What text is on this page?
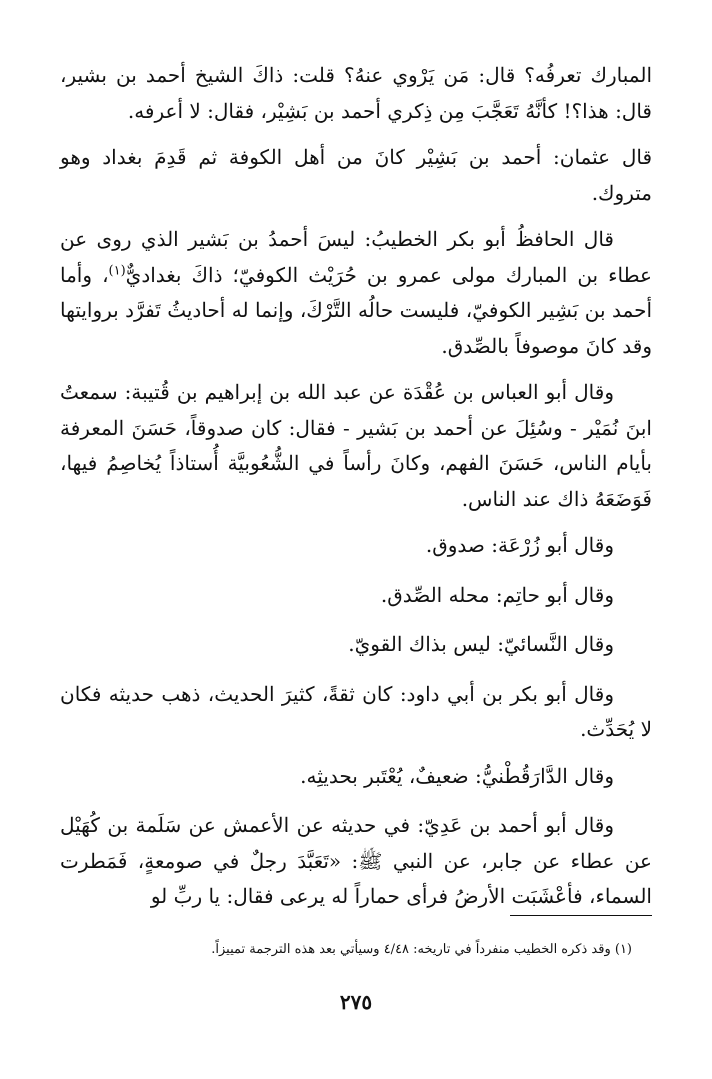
المبارك تعرفُه؟ قال: مَن يَرْوي عنهُ؟ قلت: ذاكَ الشيخ أحمد بن بشير، قال: هذا؟! كأنَّهُ تَعَجَّبَ مِن ذِكري أحمد بن بَشِيْر، فقال: لا أعرفه.

قال عثمان: أحمد بن بَشِيْر كانَ من أهل الكوفة ثم قَدِمَ بغداد وهو متروك.

قال الحافظُ أبو بكر الخطيبُ: ليسَ أحمدُ بن بَشير الذي روى عن عطاء بن المبارك مولى عمرو بن حُرَيْث الكوفيّ؛ ذاكَ بغداديٌّ$^{(١)}$، وأما أحمد بن بَشِير الكوفيّ، فليست حالُه التَّرْكَ، وإنما له أحاديثُ تَفرَّد بروايتها وقد كانَ موصوفاً بالصِّدق.

وقال أبو العباس بن عُقْدَة عن عبد الله بن إبراهيم بن قُتيبة: سمعتُ ابنَ نُمَيْر - وسُئِلَ عن أحمد بن بَشير - فقال: كان صدوقاً، حَسَنَ المعرفة بأيام الناس، حَسَنَ الفهم، وكانَ رأساً في الشُّعُوبيَّة أُستاذاً يُخاصِمُ فيها، فَوَضَعَهُ ذاك عند الناس.

وقال أبو زُرْعَة: صدوق.

وقال أبو حاتِم: محله الصِّدق.

وقال النَّسائيّ: ليس بذاك القويّ.

وقال أبو بكر بن أبي داود: كان ثقةً، كثيرَ الحديث، ذهب حديثه فكان لا يُحَدِّث.

وقال الدَّارَقُطْنيُّ: ضعيفٌ، يُعْتَبر بحديثِه.

وقال أبو أحمد بن عَدِيّ: في حديثه عن الأعمش عن سَلَمة بن كُهَيْل عن عطاء عن جابر، عن النبي ﷺ: «تَعَبَّدَ رجلٌ في صومعةٍ، فَمَطرت السماء، فأعْشَبَت الأرضُ فرأى حماراً له يرعى فقال: يا ربِّ لو

(١) وقد ذكره الخطيب منفرداً في تاريخه: ٤/٤٨ وسيأتي بعد هذه الترجمة تمييزاً.
٢٧٥
